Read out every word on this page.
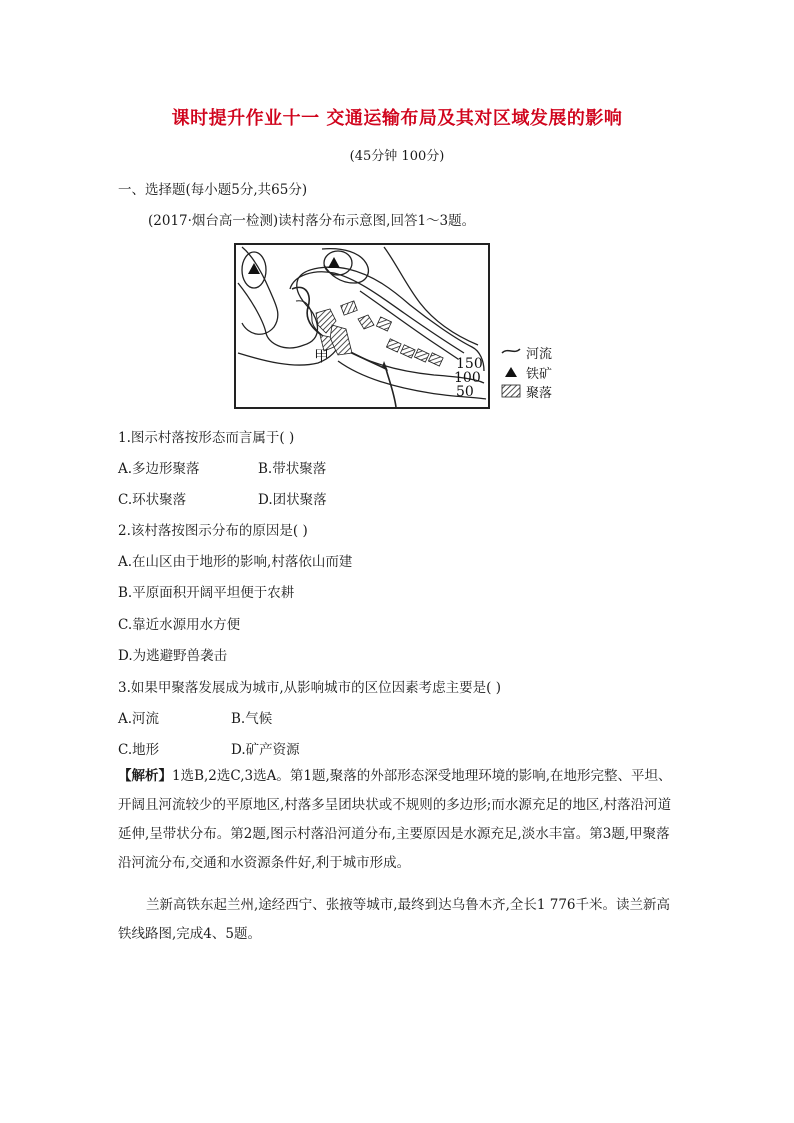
课时提升作业十一 交通运输布局及其对区域发展的影响
(45分钟 100分)
一、选择题(每小题5分,共65分)
(2017·烟台高一检测)读村落分布示意图,回答1～3题。
甲	150
100
50
河流
铁矿
聚落
1.图示村落按形态而言属于( )
A.多边形聚落	B.带状聚落
C.环状聚落	D.团状聚落
2.该村落按图示分布的原因是( )
A.在山区由于地形的影响,村落依山而建
B.平原面积开阔平坦便于农耕
C.靠近水源用水方便
D.为逃避野兽袭击
3.如果甲聚落发展成为城市,从影响城市的区位因素考虑主要是( )
A.河流	B.气候
C.地形	D.矿产资源
【解析】1选B,2选C,3选A。第1题,聚落的外部形态深受地理环境的影响,在地形完整、平坦、开阔且河流较少的平原地区,村落多呈团块状或不规则的多边形;而水源充足的地区,村落沿河道延伸,呈带状分布。第2题,图示村落沿河道分布,主要原因是水源充足,淡水丰富。第3题,甲聚落沿河流分布,交通和水资源条件好,利于城市形成。
兰新高铁东起兰州,途经西宁、张掖等城市,最终到达乌鲁木齐,全长1 776千米。读兰新高铁线路图,完成4、5题。
